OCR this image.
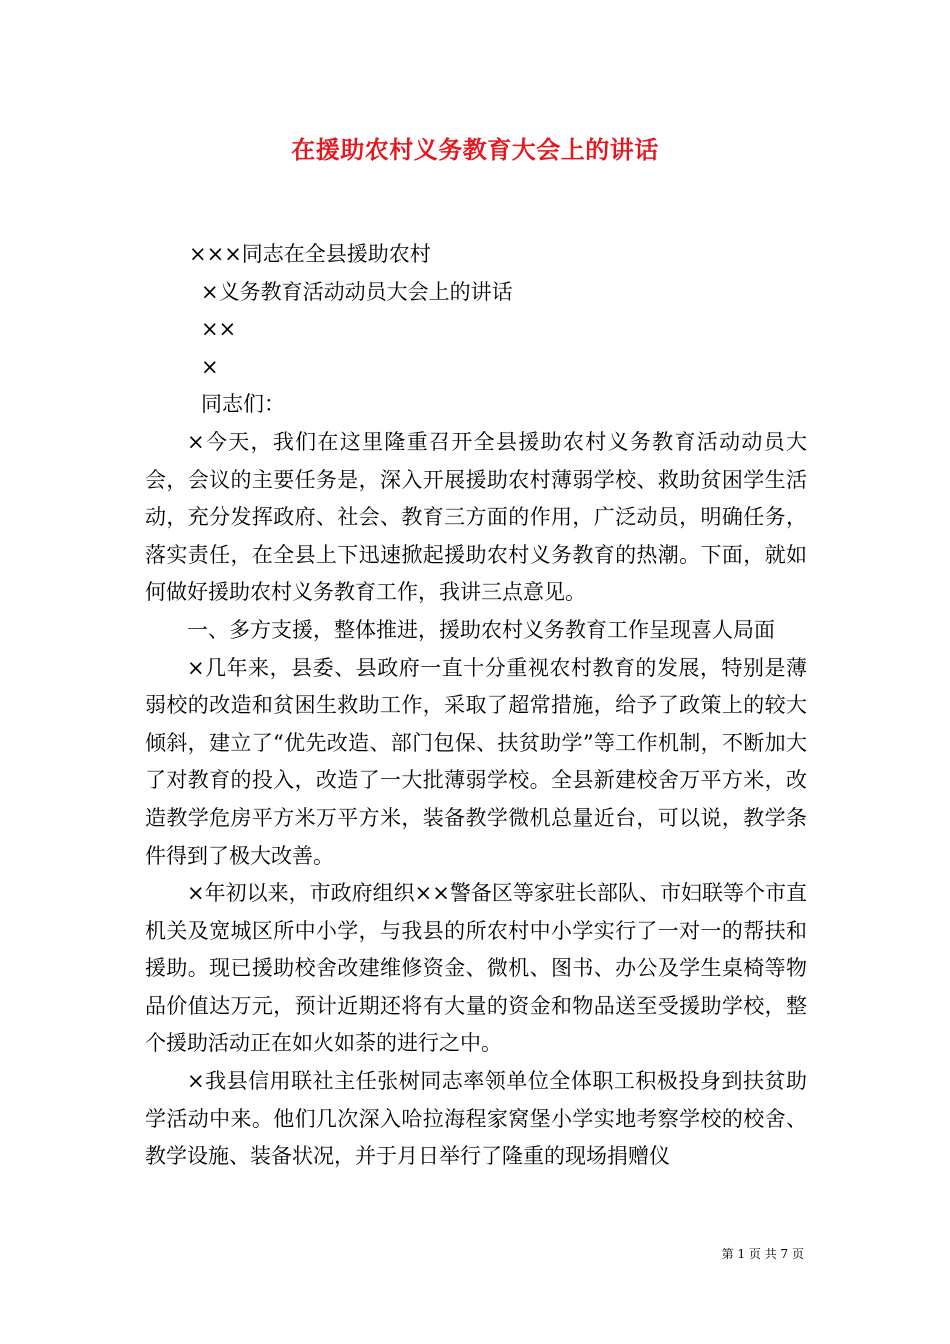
在援助农村义务教育大会上的讲话
×××同志在全县援助农村
×义务教育活动动员大会上的讲话
××
×
同志们：
×今天，我们在这里隆重召开全县援助农村义务教育活动动员大会，会议的主要任务是，深入开展援助农村薄弱学校、救助贫困学生活动，充分发挥政府、社会、教育三方面的作用，广泛动员，明确任务，落实责任，在全县上下迅速掀起援助农村义务教育的热潮。下面，就如何做好援助农村义务教育工作，我讲三点意见。
一、多方支援，整体推进，援助农村义务教育工作呈现喜人局面
×几年来，县委、县政府一直十分重视农村教育的发展，特别是薄弱校的改造和贫困生救助工作，采取了超常措施，给予了政策上的较大倾斜，建立了“优先改造、部门包保、扶贫助学”等工作机制，不断加大了对教育的投入，改造了一大批薄弱学校。全县新建校舍万平方米，改造教学危房平方米万平方米，装备教学微机总量近台，可以说，教学条件得到了极大改善。
×年初以来，市政府组织××警备区等家驻长部队、市妇联等个市直机关及宽城区所中小学，与我县的所农村中小学实行了一对一的帮扶和援助。现已援助校舍改建维修资金、微机、图书、办公及学生桌椅等物品价值达万元，预计近期还将有大量的资金和物品送至受援助学校，整个援助活动正在如火如荼的进行之中。
×我县信用联社主任张树同志率领单位全体职工积极投身到扶贫助学活动中来。他们几次深入哈拉海程家窝堡小学实地考察学校的校舍、教学设施、装备状况，并于月日举行了隆重的现场捐赠仪
第 1 页 共 7 页
